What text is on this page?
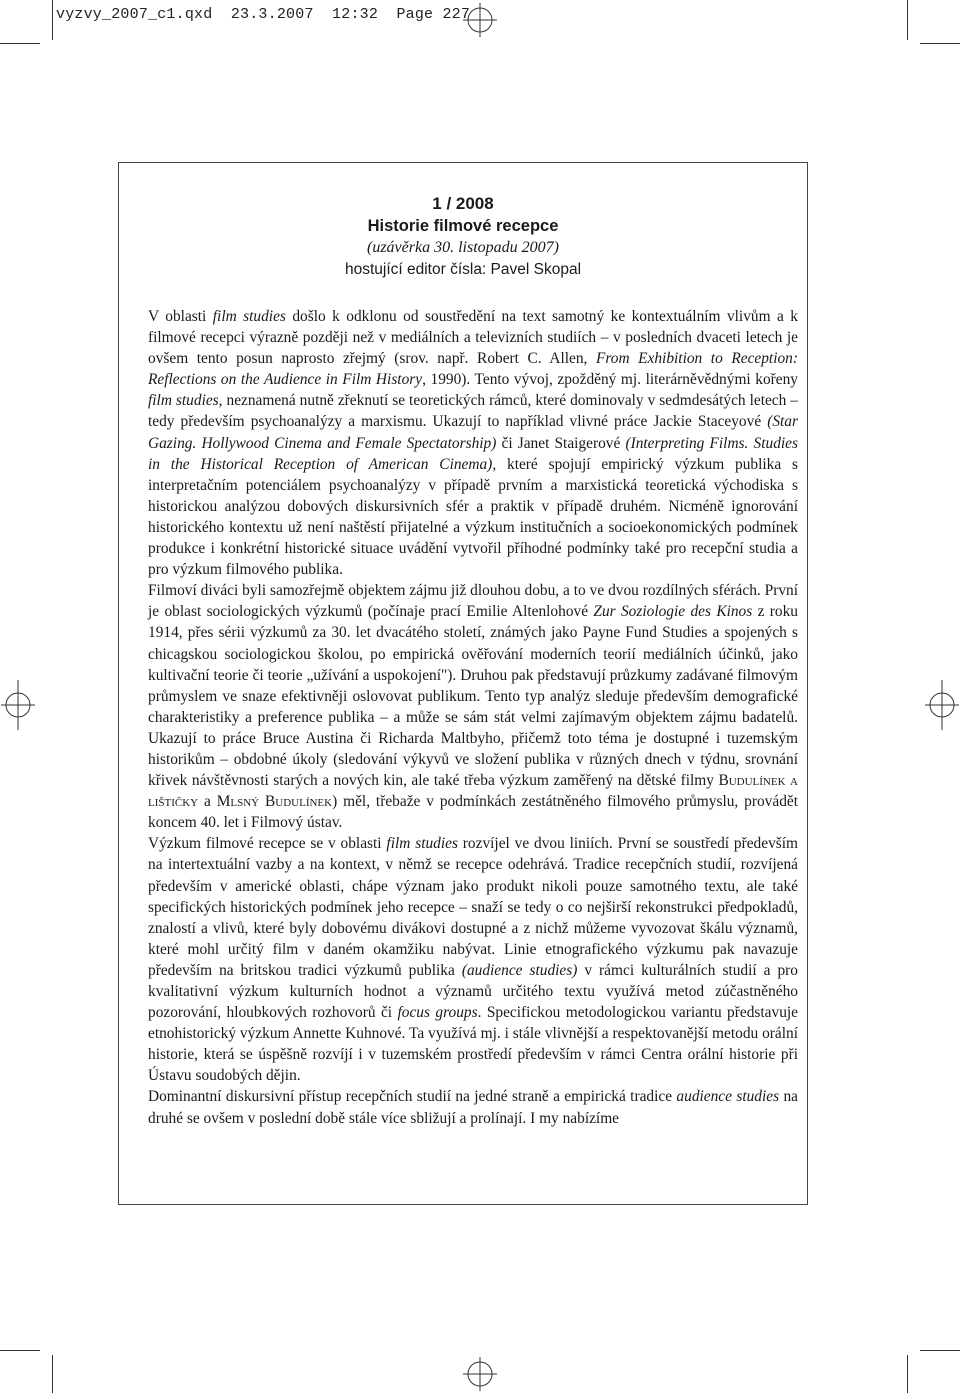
vyzvy_2007_c1.qxd  23.3.2007  12:32  Page 227
1 / 2008
Historie filmové recepce
(uzávěrka 30. listopadu 2007)
hostující editor čísla: Pavel Skopal

V oblasti film studies došlo k odklonu od soustředění na text samotný ke kontextuálním vlivům a k filmové recepci výrazně později než v mediálních a televizních studiích – v posledních dvaceti letech je ovšem tento posun naprosto zřejmý (srov. např. Robert C. Allen, From Exhibition to Reception: Reflections on the Audience in Film History, 1990). Tento vývoj, zpožděný mj. literárněvědnými kořeny film studies, neznamená nutně zřeknutí se teoretických rámců, které dominovaly v sedmdesátých letech – tedy především psychoanalýzy a marxismu. Ukazují to například vlivné práce Jackie Staceyové (Star Gazing. Hollywood Cinema and Female Spectatorship) či Janet Staigerové (Interpreting Films. Studies in the Historical Reception of American Cinema), které spojují empirický výzkum publika s interpretačním potenciálem psychoanalýzy v případě prvním a marxistická teoretická východiska s historickou analýzou dobových diskursivních sfér a praktik v případě druhém. Nicméně ignorování historického kontextu už není naštěstí přijatelné a výzkum institučních a socioekonomických podmínek produkce i konkrétní historické situace uvádění vytvořil příhodné podmínky také pro recepční studia a pro výzkum filmového publika.

Filmoví diváci byli samozřejmě objektem zájmu již dlouhou dobu, a to ve dvou rozdílných sférách. První je oblast sociologických výzkumů (počínaje prací Emilie Altenlohové Zur Soziologie des Kinos z roku 1914, přes sérii výzkumů za 30. let dvacátého století, známých jako Payne Fund Studies a spojených s chicagskou sociologickou školou, po empirická ověřování moderních teorií mediálních účinků, jako kultivační teorie či teorie „užívání a uspokojení"). Druhou pak představují průzkumy zadávané filmovým průmyslem ve snaze efektivněji oslovovat publikum. Tento typ analýz sleduje především demografické charakteristiky a preference publika – a může se sám stát velmi zajímavým objektem zájmu badatelů. Ukazují to práce Bruce Austina či Richarda Maltbyho, přičemž toto téma je dostupné i tuzemským historikům – obdobné úkoly (sledování výkyvů ve složení publika v různých dnech v týdnu, srovnání křivek návštěvnosti starých a nových kin, ale také třeba výzkum zaměřený na dětské filmy Budulínek a lištičky a Mlsný Budulínek) měl, třebaže v podmínkách zestátněného filmového průmyslu, provádět koncem 40. let i Filmový ústav.

Výzkum filmové recepce se v oblasti film studies rozvíjel ve dvou liniích. První se soustředí především na intertextuální vazby a na kontext, v němž se recepce odehrává. Tradice recepčních studií, rozvíjená především v americké oblasti, chápe význam jako produkt nikoli pouze samotného textu, ale také specifických historických podmínek jeho recepce – snaží se tedy o co nejširší rekonstrukci předpokladů, znalostí a vlivů, které byly dobovému divákovi dostupné a z nichž můžeme vyvozovat škálu významů, které mohl určitý film v daném okamžiku nabývat. Linie etnografického výzkumu pak navazuje především na britskou tradici výzkumů publika (audience studies) v rámci kulturálních studií a pro kvalitativní výzkum kulturních hodnot a významů určitého textu využívá metod zúčastněného pozorování, hloubkových rozhovorů či focus groups. Specifickou metodologickou variantu představuje etnohistorický výzkum Annette Kuhnové. Ta využívá mj. i stále vlivnější a respektovanější metodu orální historie, která se úspěšně rozvíjí i v tuzemském prostředí především v rámci Centra orální historie při Ústavu soudobých dějin.

Dominantní diskursivní přístup recepčních studií na jedné straně a empirická tradice audience studies na druhé se ovšem v poslední době stále více sbližují a prolínají. I my nabízíme
